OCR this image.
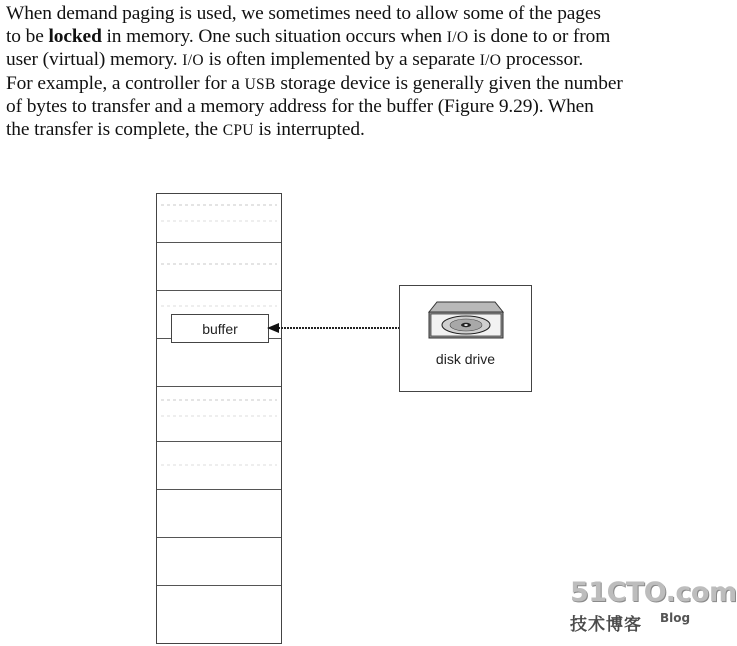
When demand paging is used, we sometimes need to allow some of the pages
to be locked in memory. One such situation occurs when I/O is done to or from
user (virtual) memory. I/O is often implemented by a separate I/O processor.
For example, a controller for a USB storage device is generally given the number
of bytes to transfer and a memory address for the buffer (Figure 9.29). When
the transfer is complete, the CPU is interrupted.

buffer
disk drive
51CTO.com
技术博客 Blog
